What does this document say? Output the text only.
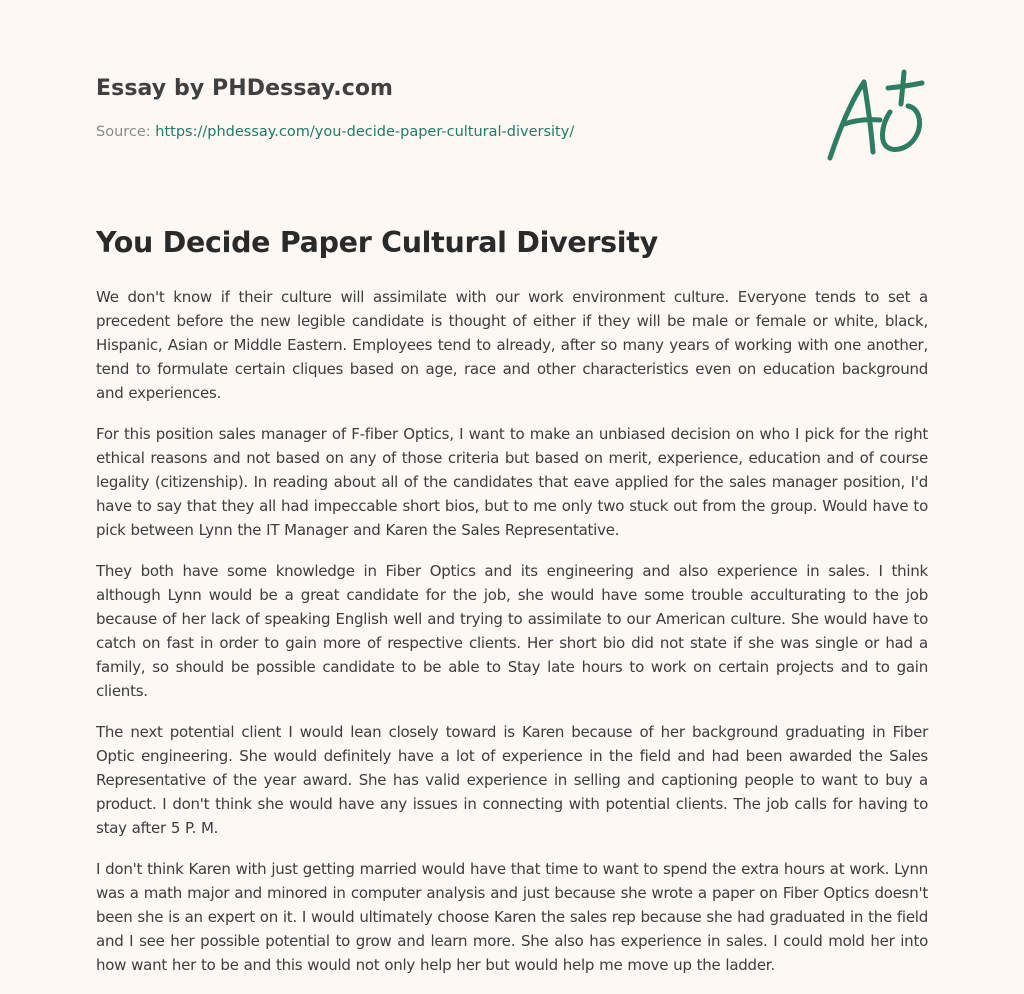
Essay by PHDessay.com
Source: https://phdessay.com/you-decide-paper-cultural-diversity/
You Decide Paper Cultural Diversity

We don't know if their culture will assimilate with our work environment culture. Everyone tends to set a precedent before the new legible candidate is thought of either if they will be male or female or white, black, Hispanic, Asian or Middle Eastern. Employees tend to already, after so many years of working with one another, tend to formulate certain cliques based on age, race and other characteristics even on education background and experiences.

For this position sales manager of F-fiber Optics, I want to make an unbiased decision on who I pick for the right ethical reasons and not based on any of those criteria but based on merit, experience, education and of course legality (citizenship). In reading about all of the candidates that eave applied for the sales manager position, I'd have to say that they all had impeccable short bios, but to me only two stuck out from the group. Would have to pick between Lynn the IT Manager and Karen the Sales Representative.

They both have some knowledge in Fiber Optics and its engineering and also experience in sales. I think although Lynn would be a great candidate for the job, she would have some trouble acculturating to the job because of her lack of speaking English well and trying to assimilate to our American culture. She would have to catch on fast in order to gain more of respective clients. Her short bio did not state if she was single or had a family, so should be possible candidate to be able to Stay late hours to work on certain projects and to gain clients.

The next potential client I would lean closely toward is Karen because of her background graduating in Fiber Optic engineering. She would definitely have a lot of experience in the field and had been awarded the Sales Representative of the year award. She has valid experience in selling and captioning people to want to buy a product. I don't think she would have any issues in connecting with potential clients. The job calls for having to stay after 5 P. M.

I don't think Karen with just getting married would have that time to want to spend the extra hours at work. Lynn was a math major and minored in computer analysis and just because she wrote a paper on Fiber Optics doesn't been she is an expert on it. I would ultimately choose Karen the sales rep because she had graduated in the field and I see her possible potential to grow and learn more. She also has experience in sales. I could mold her into how want her to be and this would not only help her but would help me move up the ladder.
